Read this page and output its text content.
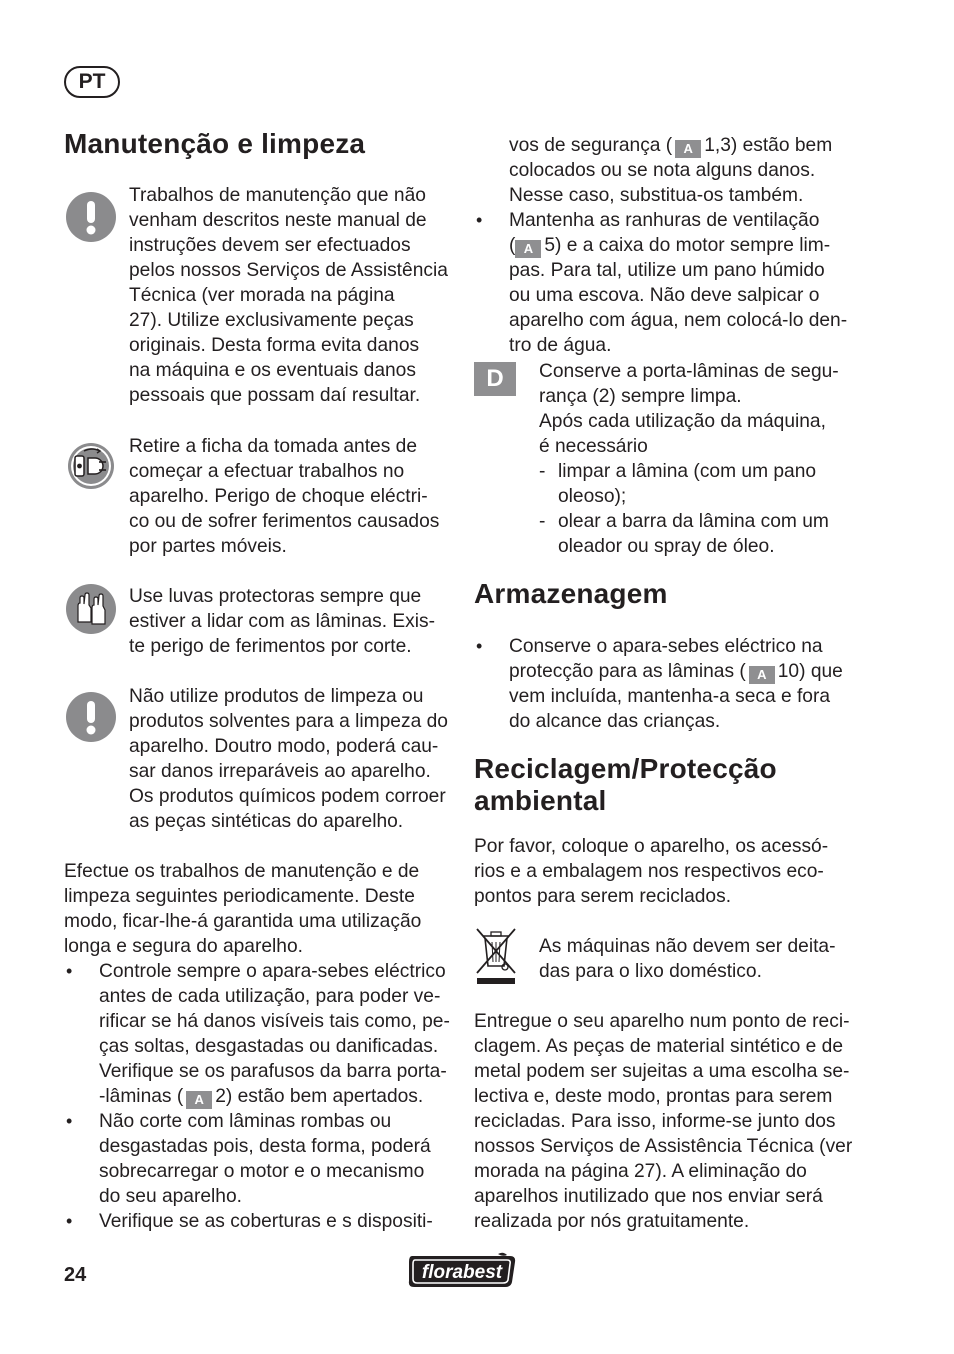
PT
Manutenção e limpeza
Trabalhos de manutenção que não
venham descritos neste manual de
instruções devem ser efectuados
pelos nossos Serviços de Assistência
Técnica (ver morada na página
27). Utilize exclusivamente peças
originais. Desta forma evita danos
na máquina e os eventuais danos
pessoais que possam daí resultar.
Retire a ficha da tomada antes de
começar a efectuar trabalhos no
aparelho. Perigo de choque eléctri-
co ou de sofrer ferimentos causados
por partes móveis.
Use luvas protectoras sempre que
estiver a lidar com as lâminas. Exis-
te perigo de ferimentos por corte.
Não utilize produtos de limpeza ou
produtos solventes para a limpeza do
aparelho. Doutro modo, poderá cau-
sar danos irreparáveis ao aparelho.
Os produtos químicos podem corroer
as peças sintéticas do aparelho.
Efectue os trabalhos de manutenção e de
limpeza seguintes periodicamente. Deste
modo, ficar-lhe-á garantida uma utilização
longa e segura do aparelho.
• Controle sempre o apara-sebes eléctrico
antes de cada utilização, para poder ve-
rificar se há danos visíveis tais como, pe-
ças soltas, desgastadas ou danificadas.
Verifique se os parafusos da barra porta-
-lâminas ( A 2) estão bem apertados.
• Não corte com lâminas rombas ou
desgastadas pois, desta forma, poderá
sobrecarregar o motor e o mecanismo
do seu aparelho.
• Verifique se as coberturas e s dispositi-
vos de segurança ( A 1,3) estão bem
colocados ou se nota alguns danos.
Nesse caso, substitua-os também.
• Mantenha as ranhuras de ventilação
( A 5) e a caixa do motor sempre lim-
pas. Para tal, utilize um pano húmido
ou uma escova. Não deve salpicar o
aparelho com água, nem colocá-lo den-
tro de água.
D	Conserve a porta-lâminas de segu-
rança (2) sempre limpa.
Após cada utilização da máquina,
é necessário
- limpar a lâmina (com um pano
oleoso);
- olear a barra da lâmina com um
oleador ou spray de óleo.
Armazenagem
• Conserve o apara-sebes eléctrico na
protecção para as lâminas ( A 10) que
vem incluída, mantenha-a seca e fora
do alcance das crianças.
Reciclagem/Protecção
ambiental
Por favor, coloque o aparelho, os acessó-
rios e a embalagem nos respectivos eco-
pontos para serem reciclados.
As máquinas não devem ser deita-
das para o lixo doméstico.
Entregue o seu aparelho num ponto de reci-
clagem. As peças de material sintético e de
metal podem ser sujeitas a uma escolha se-
lectiva e, deste modo, prontas para serem
recicladas. Para isso, informe-se junto dos
nossos Serviços de Assistência Técnica (ver
morada na página 27). A eliminação do
aparelhos inutilizado que nos enviar será
realizada por nós gratuitamente.
24	florabest
